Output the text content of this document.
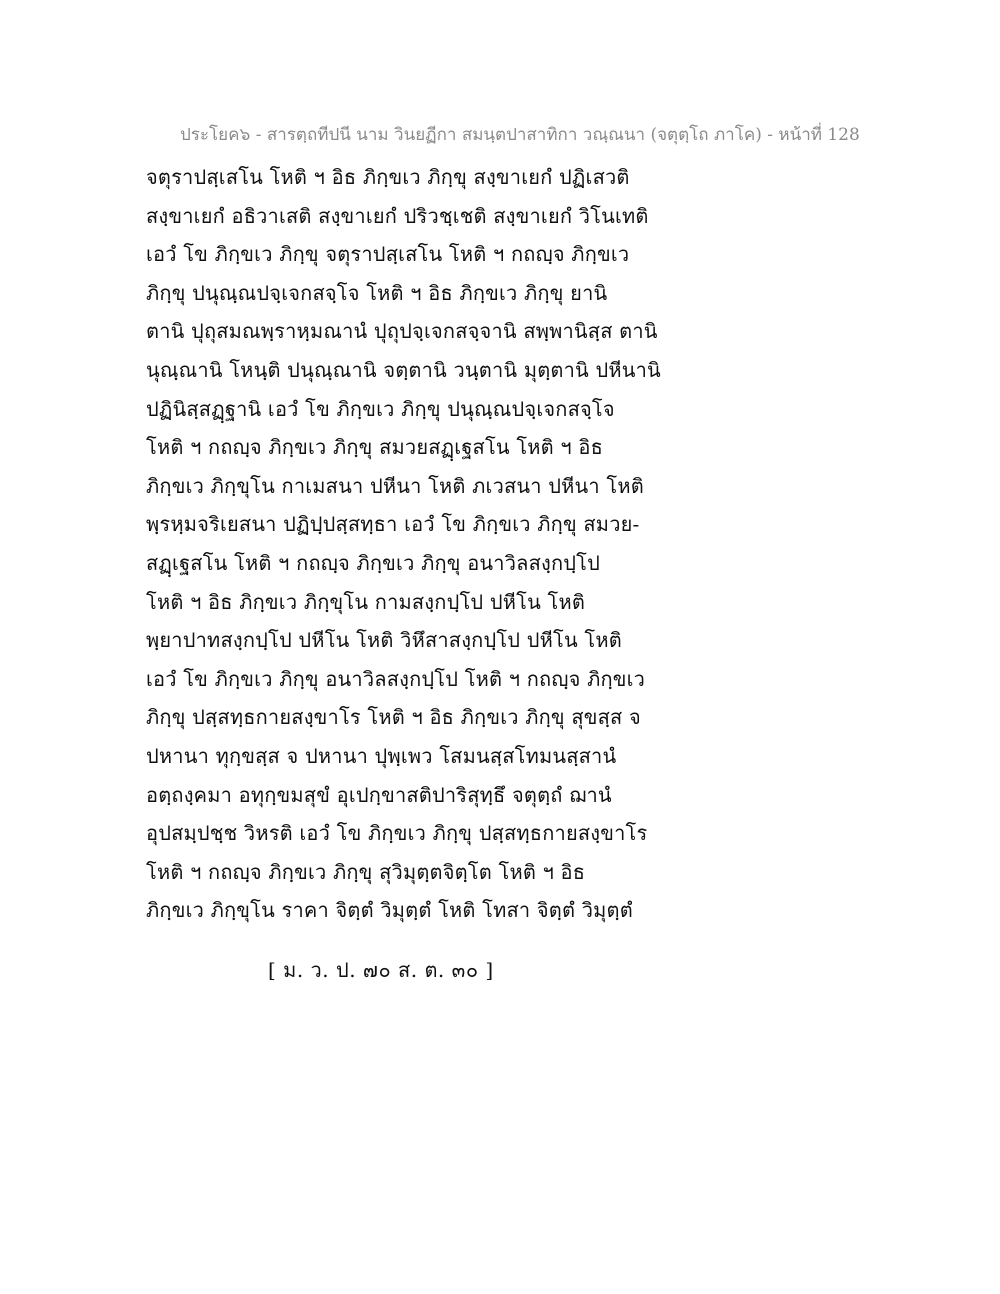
ประโยค๖ - สารตฺถทีปนี นาม วินยฏีกา สมนฺตปาสาทิกา วณฺณนา (จตุตฺโถ ภาโค) - หน้าที่ 128
จตุราปสฺเสโน โหติ ฯ อิธ ภิกฺขเว ภิกฺขุ สงฺขาเยกํ ปฏิเสวติ
สงฺขาเยกํ อธิวาเสติ สงฺขาเยกํ ปริวชฺเชติ สงฺขาเยกํ วิโนเทติ
เอวํ โข ภิกฺขเว ภิกฺขุ จตุราปสฺเสโน โหติ ฯ กถญฺจ ภิกฺขเว
ภิกฺขุ ปนุณฺณปจฺเจกสจฺโจ โหติ ฯ อิธ ภิกฺขเว ภิกฺขุ ยานิ
ตานิ ปุถุสมณพฺราหฺมณานํ ปุถุปจฺเจกสจฺจานิ สพฺพานิสฺส ตานิ
นุณฺณานิ โหนฺติ ปนุณฺณานิ จตฺตานิ วนฺตานิ มุตฺตานิ ปหีนานิ
ปฏินิสฺสฏฺฐานิ เอวํ โข ภิกฺขเว ภิกฺขุ ปนุณฺณปจฺเจกสจฺโจ
โหติ ฯ กถญฺจ ภิกฺขเว ภิกฺขุ สมวยสฏฺเฐสโน โหติ ฯ อิธ
ภิกฺขเว ภิกฺขุโน กาเมสนา ปหีนา โหติ ภเวสนา ปหีนา โหติ
พฺรหฺมจริเยสนา ปฏิปฺปสฺสทฺธา เอวํ โข ภิกฺขเว ภิกฺขุ สมวย-
สฏฺเฐสโน โหติ ฯ กถญฺจ ภิกฺขเว ภิกฺขุ อนาวิลสงฺกปฺโป
โหติ ฯ อิธ ภิกฺขเว ภิกฺขุโน กามสงฺกปฺโป ปหีโน โหติ
พฺยาปาทสงฺกปฺโป ปหีโน โหติ วิหึสาสงฺกปฺโป ปหีโน โหติ
เอวํ โข ภิกฺขเว ภิกฺขุ อนาวิลสงฺกปฺโป โหติ ฯ กถญฺจ ภิกฺขเว
ภิกฺขุ ปสฺสทฺธกายสงฺขาโร โหติ ฯ อิธ ภิกฺขเว ภิกฺขุ สุขสฺส จ
ปหานา ทุกฺขสฺส จ ปหานา ปุพฺเพว โสมนสฺสโทมนสฺสานํ
อตฺถงฺคมา อทุกฺขมสุขํ อุเปกฺขาสติปาริสุทฺธึ จตุตฺถํ ฌานํ
อุปสมฺปชฺช วิหรติ เอวํ โข ภิกฺขเว ภิกฺขุ ปสฺสทฺธกายสงฺขาโร
โหติ ฯ กถญฺจ ภิกฺขเว ภิกฺขุ สุวิมุตฺตจิตฺโต โหติ ฯ อิธ
ภิกฺขเว ภิกฺขุโน ราคา จิตฺตํ วิมุตฺตํ โหติ โทสา จิตฺตํ วิมุตฺตํ
[ ม. ว. ป. ๗๐ ส. ต. ๓๐ ]
